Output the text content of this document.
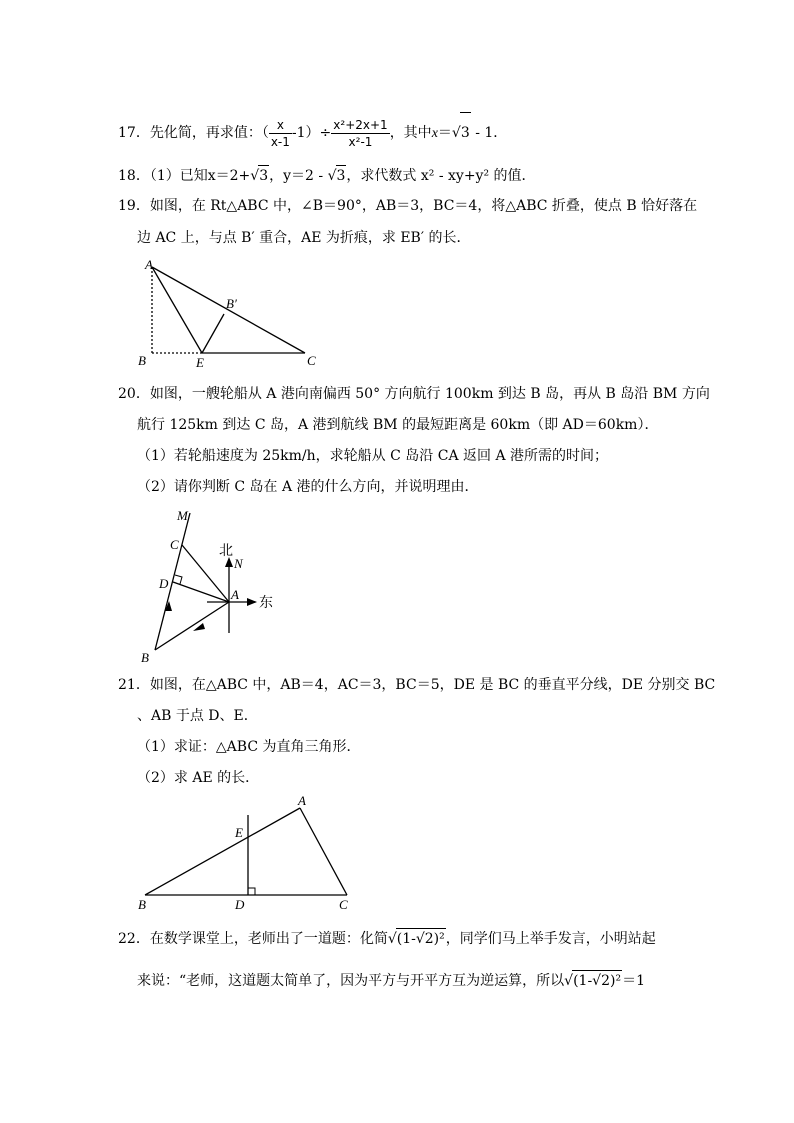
17．先化简，再求值：（ $\frac{x}{x-1} -1)\div \frac{\text{x²+2x+1}}{\text{x²-1}}$ ，其中x＝√3 - 1．
18．（1）已知x＝2+√3，y＝2 - √3，求代数式 x² - xy+y² 的值．
19．如图，在 Rt△ABC 中，∠B＝90°，AB＝3，BC＝4，将△ABC 折叠，使点 B 恰好落在
边 AC 上，与点 B′ 重合，AE 为折痕，求 EB′ 的长．
A
B	C
E
B′
20．如图，一艘轮船从 A 港向南偏西 50° 方向航行 100km 到达 B 岛，再从 B 岛沿 BM 方向
航行 125km 到达 C 岛，A 港到航线 BM 的最短距离是 60km（即 AD＝60km）．
（1）若轮船速度为 25km/h，求轮船从 C 岛沿 CA 返回 A 港所需的时间；
（2）请你判断 C 岛在 A 港的什么方向，并说明理由．
M
C
D
A
B
N
北
东
21．如图，在△ABC 中，AB＝4，AC＝3，BC＝5，DE 是 BC 的垂直平分线，DE 分别交 BC
、AB 于点 D、E．
（1）求证：△ABC 为直角三角形．
（2）求 AE 的长．
A
B	C
D
E
22．在数学课堂上，老师出了一道题：化简√(1-√2)²，同学们马上举手发言，小明站起
来说：“老师，这道题太简单了，因为平方与开平方互为逆运算，所以√(1-√2)²＝1
